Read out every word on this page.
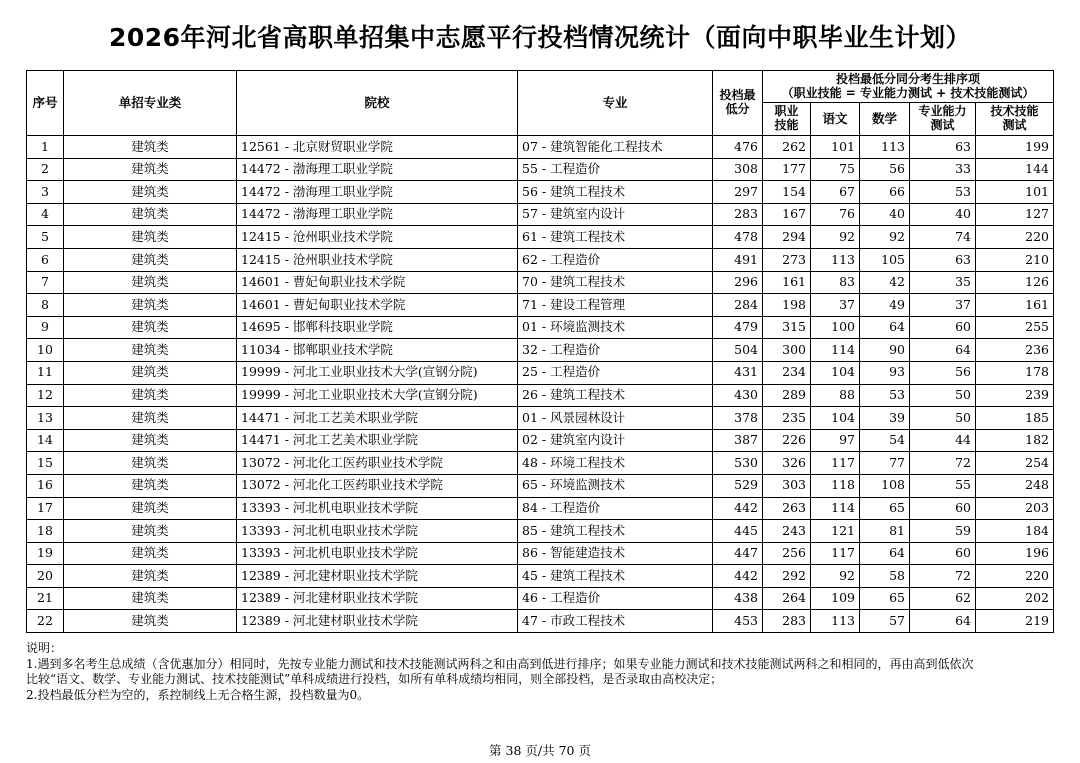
2026年河北省高职单招集中志愿平行投档情况统计（面向中职毕业生计划）
序号	单招专业类	院校	专业	投档最低分	投档最低分同分考生排序项
（职业技能 = 专业能力测试 + 技术技能测试）				

					职业技能	语文	数学	专业能力测试	技术技能测试
1	建筑类	12561 - 北京财贸职业学院	07 - 建筑智能化工程技术	476	262	101	113	63	199
2	建筑类	14472 - 渤海理工职业学院	55 - 工程造价	308	177	75	56	33	144
3	建筑类	14472 - 渤海理工职业学院	56 - 建筑工程技术	297	154	67	66	53	101
4	建筑类	14472 - 渤海理工职业学院	57 - 建筑室内设计	283	167	76	40	40	127
5	建筑类	12415 - 沧州职业技术学院	61 - 建筑工程技术	478	294	92	92	74	220
6	建筑类	12415 - 沧州职业技术学院	62 - 工程造价	491	273	113	105	63	210
7	建筑类	14601 - 曹妃甸职业技术学院	70 - 建筑工程技术	296	161	83	42	35	126
8	建筑类	14601 - 曹妃甸职业技术学院	71 - 建设工程管理	284	198	37	49	37	161
9	建筑类	14695 - 邯郸科技职业学院	01 - 环境监测技术	479	315	100	64	60	255
10	建筑类	11034 - 邯郸职业技术学院	32 - 工程造价	504	300	114	90	64	236
11	建筑类	19999 - 河北工业职业技术大学(宣钢分院)	25 - 工程造价	431	234	104	93	56	178
12	建筑类	19999 - 河北工业职业技术大学(宣钢分院)	26 - 建筑工程技术	430	289	88	53	50	239
13	建筑类	14471 - 河北工艺美术职业学院	01 - 风景园林设计	378	235	104	39	50	185
14	建筑类	14471 - 河北工艺美术职业学院	02 - 建筑室内设计	387	226	97	54	44	182
15	建筑类	13072 - 河北化工医药职业技术学院	48 - 环境工程技术	530	326	117	77	72	254
16	建筑类	13072 - 河北化工医药职业技术学院	65 - 环境监测技术	529	303	118	108	55	248
17	建筑类	13393 - 河北机电职业技术学院	84 - 工程造价	442	263	114	65	60	203
18	建筑类	13393 - 河北机电职业技术学院	85 - 建筑工程技术	445	243	121	81	59	184
19	建筑类	13393 - 河北机电职业技术学院	86 - 智能建造技术	447	256	117	64	60	196
20	建筑类	12389 - 河北建材职业技术学院	45 - 建筑工程技术	442	292	92	58	72	220
21	建筑类	12389 - 河北建材职业技术学院	46 - 工程造价	438	264	109	65	62	202
22	建筑类	12389 - 河北建材职业技术学院	47 - 市政工程技术	453	283	113	57	64	219
说明：
1.遇到多名考生总成绩（含优惠加分）相同时，先按专业能力测试和技术技能测试两科之和由高到低进行排序；如果专业能力测试和技术技能测试两科之和相同的，再由高到低依次
比较“语文、数学、专业能力测试、技术技能测试”单科成绩进行投档，如所有单科成绩均相同，则全部投档，是否录取由高校决定；
2.投档最低分栏为空的，系控制线上无合格生源，投档数量为0。
第 38 页/共 70 页
